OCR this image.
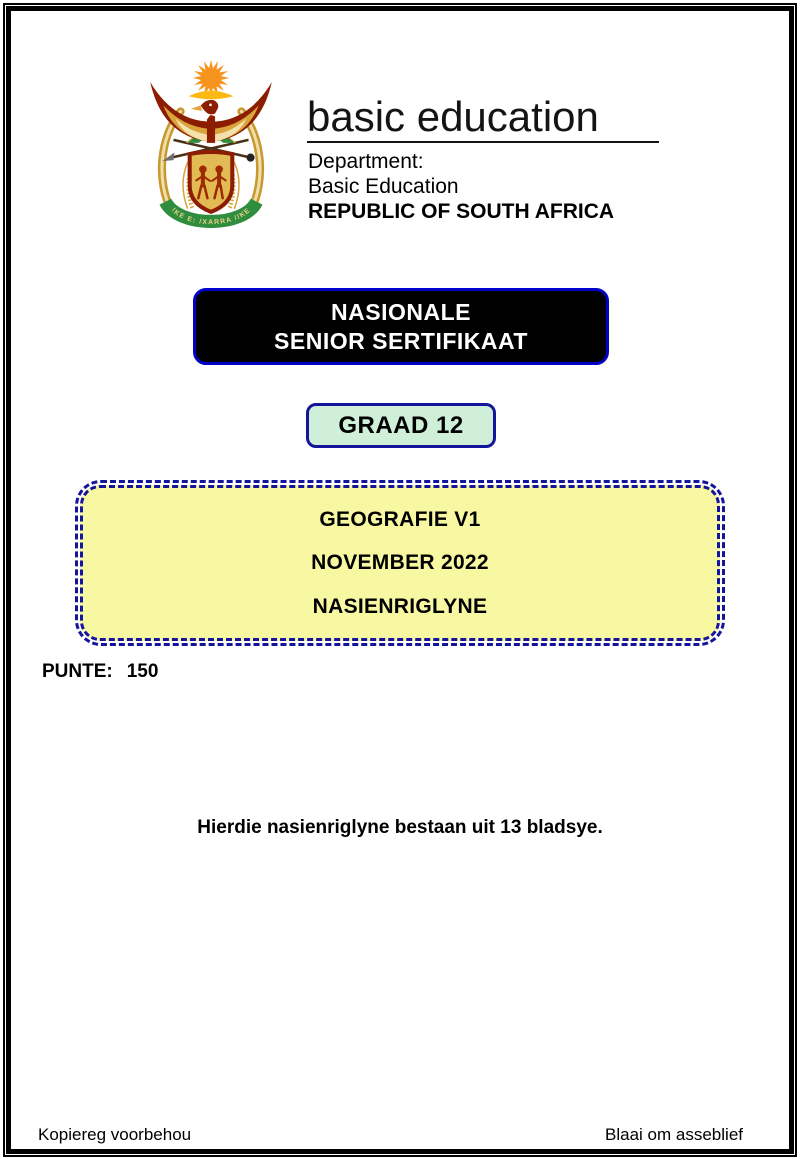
!KE E: /XARRA //KE
basic education
Department:
Basic Education
REPUBLIC OF SOUTH AFRICA
NASIONALE
SENIOR SERTIFIKAAT
GRAAD 12
GEOGRAFIE V1
NOVEMBER 2022
NASIENRIGLYNE
PUNTE: 150
Hierdie nasienriglyne bestaan uit 13 bladsye.
Kopiereg voorbehou	Blaai om asseblief
